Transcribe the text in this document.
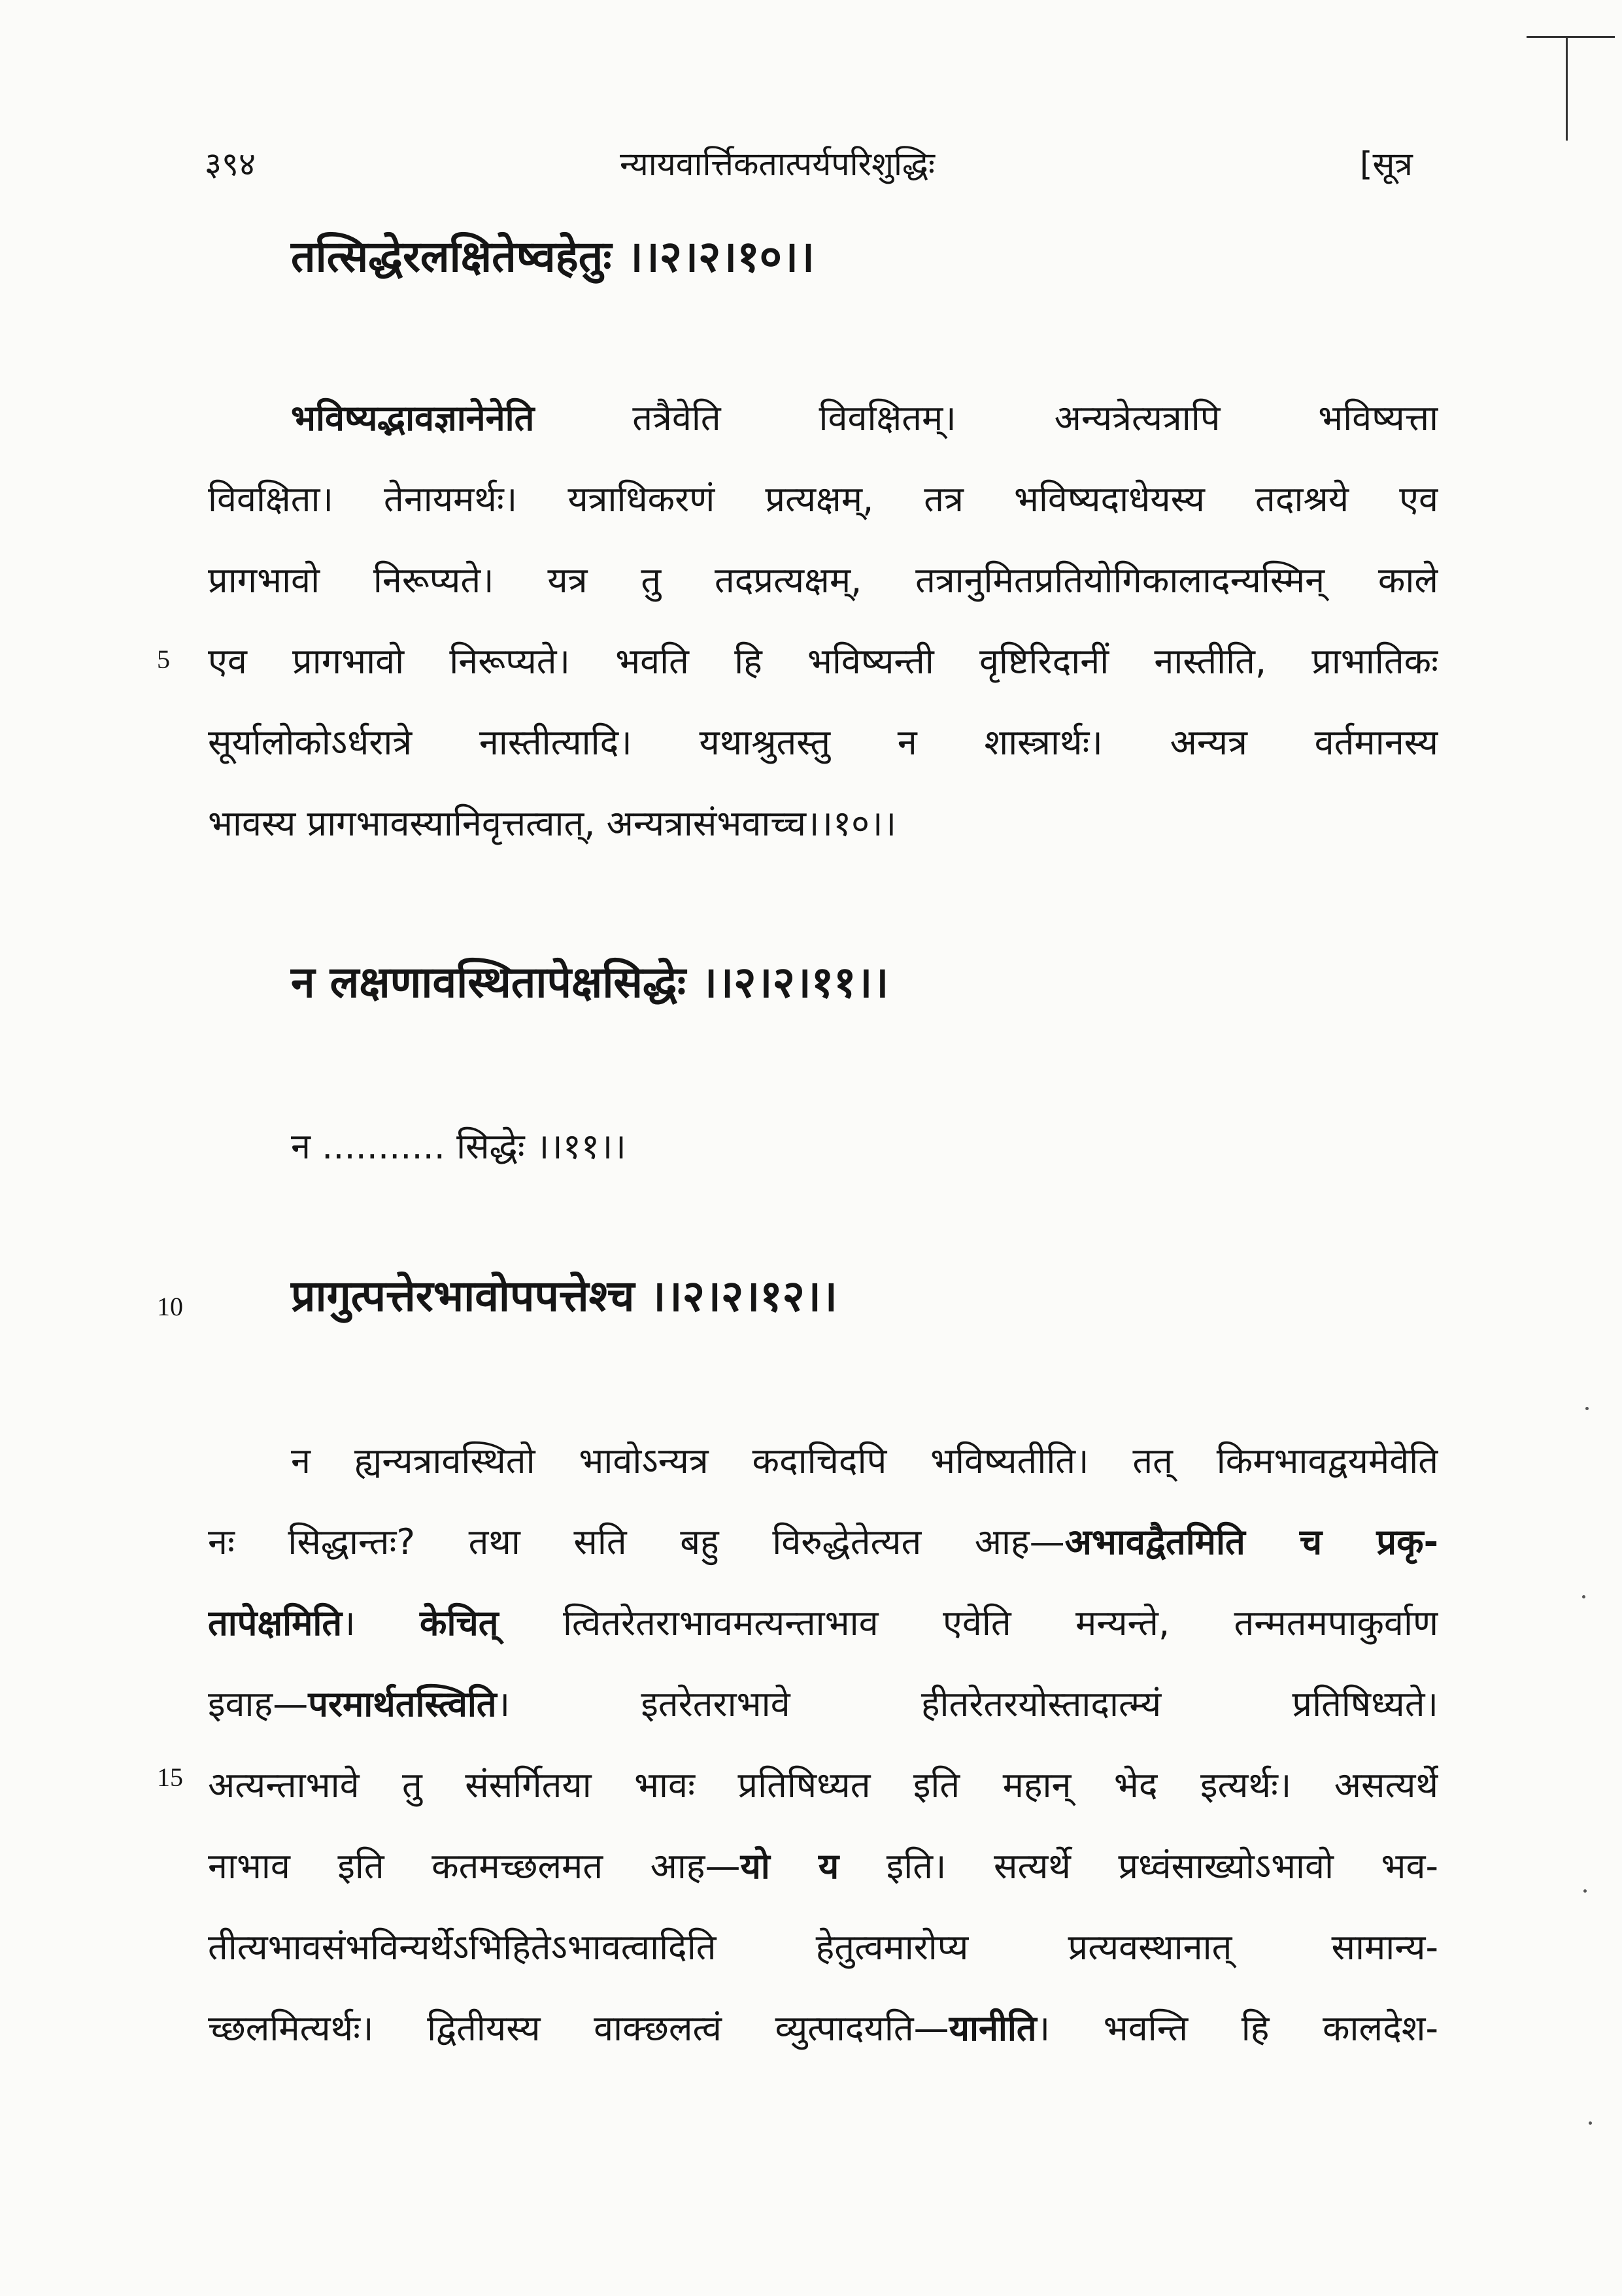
३९४	न्यायवार्त्तिकतात्पर्यपरिशुद्धिः	[सूत्र
तत्सिद्धेरलक्षितेष्वहेतुः ।।२।२।१०।।
भविष्यद्भावज्ञानेनेति तत्रैवेति विवक्षितम्। अन्यत्रेत्यत्रापि भविष्यत्ता
विवक्षिता। तेनायमर्थः। यत्राधिकरणं प्रत्यक्षम्, तत्र भविष्यदाधेयस्य तदाश्रये एव
प्रागभावो निरूप्यते। यत्र तु तदप्रत्यक्षम्, तत्रानुमितप्रतियोगिकालादन्यस्मिन् काले
एव प्रागभावो निरूप्यते। भवति हि भविष्यन्ती वृष्टिरिदानीं नास्तीति, प्राभातिकः
सूर्यालोकोऽर्धरात्रे नास्तीत्यादि। यथाश्रुतस्तु न शास्त्रार्थः। अन्यत्र वर्तमानस्य
भावस्य प्रागभावस्यानिवृत्तत्वात्, अन्यत्रासंभवाच्च।।१०।।
न लक्षणावस्थितापेक्षसिद्धेः ।।२।२।११।।
न ........... सिद्धेः ।।११।।
प्रागुत्पत्तेरभावोपपत्तेश्च ।।२।२।१२।।
न ह्यन्यत्रावस्थितो भावोऽन्यत्र कदाचिदपि भविष्यतीति। तत् किमभावद्वयमेवेति
नः सिद्धान्तः? तथा सति बहु विरुद्धेतेत्यत आह—अभावद्वैतमिति च प्रकृ-
तापेक्षमिति। केचित् त्वितरेतराभावमत्यन्ताभाव एवेति मन्यन्ते, तन्मतमपाकुर्वाण
इवाह—परमार्थतस्त्विति। इतरेतराभावे हीतरेतरयोस्तादात्म्यं प्रतिषिध्यते।
अत्यन्ताभावे तु संसर्गितया भावः प्रतिषिध्यत इति महान् भेद इत्यर्थः। असत्यर्थे
नाभाव इति कतमच्छलमत आह—यो य इति। सत्यर्थे प्रध्वंसाख्योऽभावो भव-
तीत्यभावसंभविन्यर्थेऽभिहितेऽभावत्वादिति हेतुत्वमारोप्य प्रत्यवस्थानात् सामान्य-
च्छलमित्यर्थः। द्वितीयस्य वाक्छलत्वं व्युत्पादयति—यानीति। भवन्ति हि कालदेश-
5
10
15
